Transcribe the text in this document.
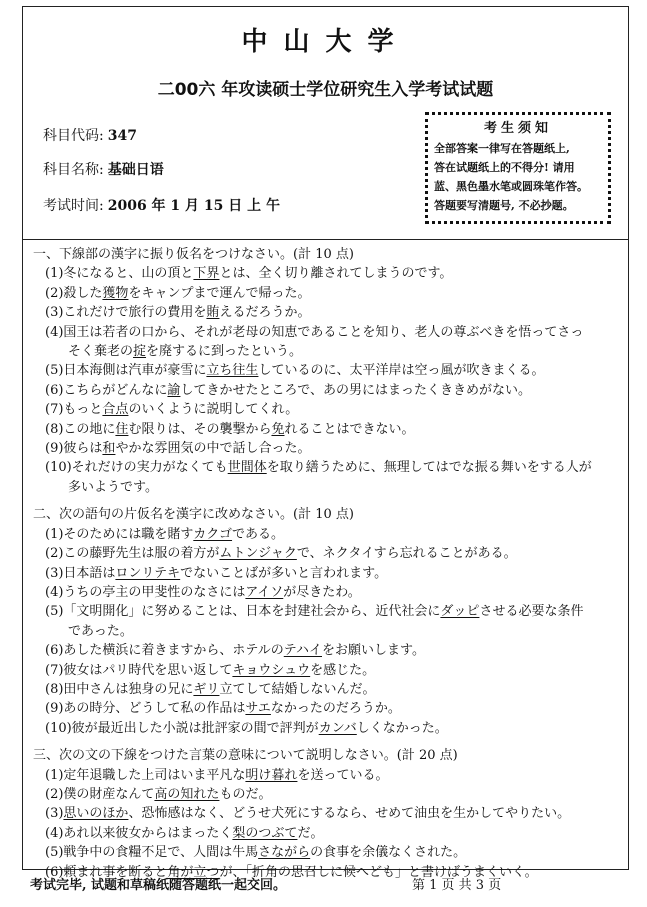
中山大学
二00六 年攻读硕士学位研究生入学考试试题
科目代码: 347
科目名称: 基础日语
考试时间: 2006 年 1 月 15 日 上 午
考生须知
全部答案一律写在答题纸上,
答在试题纸上的不得分! 请用
蓝、黑色墨水笔或圆珠笔作答。
答题要写清题号, 不必抄题。
一、下線部の漢字に振り仮名をつけなさい。(計 10 点)
(1)冬になると、山の頂と下界とは、全く切り離されてしまうのです。
(2)殺した獲物をキャンプまで運んで帰った。
(3)これだけで旅行の費用を賄えるだろうか。
(4)国王は若者の口から、それが老母の知恵であることを知り、老人の尊ぶべきを悟ってさっ
そく棄老の掟を廃するに到ったという。
(5)日本海側は汽車が豪雪に立ち往生しているのに、太平洋岸は空っ風が吹きまくる。
(6)こちらがどんなに諭してきかせたところで、あの男にはまったくききめがない。
(7)もっと合点のいくように説明してくれ。
(8)この地に住む限りは、その襲撃から免れることはできない。
(9)彼らは和やかな雰囲気の中で話し合った。
(10)それだけの実力がなくても世間体を取り繕うために、無理してはでな振る舞いをする人が
多いようです。
二、次の語句の片仮名を漢字に改めなさい。(計 10 点)
(1)そのためには職を賭すカクゴである。
(2)この藤野先生は服の着方がムトンジャクで、ネクタイすら忘れることがある。
(3)日本語はロンリテキでないことばが多いと言われます。
(4)うちの亭主の甲斐性のなさにはアイソが尽きたわ。
(5)「文明開化」に努めることは、日本を封建社会から、近代社会にダッピさせる必要な条件
であった。
(6)あした横浜に着きますから、ホテルのテハイをお願いします。
(7)彼女はパリ時代を思い返してキョウシュウを感じた。
(8)田中さんは独身の兄にギリ立てして結婚しないんだ。
(9)あの時分、どうして私の作品はサエなかったのだろうか。
(10)彼が最近出した小説は批評家の間で評判がカンバしくなかった。
三、次の文の下線をつけた言葉の意味について説明しなさい。(計 20 点)
(1)定年退職した上司はいま平凡な明け暮れを送っている。
(2)僕の財産なんて高の知れたものだ。
(3)思いのほか、恐怖感はなく、どうせ犬死にするなら、せめて油虫を生かしてやりたい。
(4)あれ以来彼女からはまったく梨のつぶてだ。
(5)戦争中の食糧不足で、人間は牛馬さながらの食事を余儀なくされた。
(6)頼まれ事を断ると角が立つが、「折角の思召しに候へども」と書けばうまくいく。
考试完毕, 试题和草稿纸随答题纸一起交回。	第 1 页 共 3 页
